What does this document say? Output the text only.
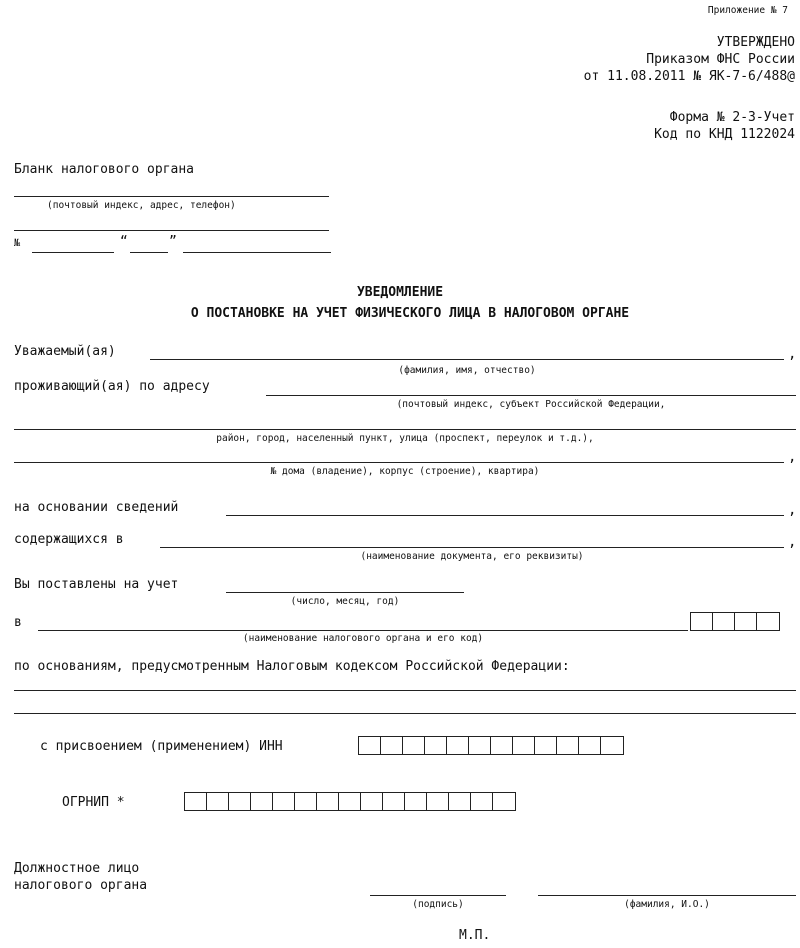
Приложение № 7
УТВЕРЖДЕНО
Приказом ФНС России
от 11.08.2011 № ЯК-7-6/488@
Форма № 2-3-Учет
Код по КНД 1122024
Бланк налогового органа
(почтовый индекс, адрес, телефон)
№	“	”
УВЕДОМЛЕНИЕ
О ПОСТАНОВКЕ НА УЧЕТ ФИЗИЧЕСКОГО ЛИЦА В НАЛОГОВОМ ОРГАНЕ
Уважаемый(ая)	,
(фамилия, имя, отчество)
проживающий(ая) по адресу
(почтовый индекс, субъект Российской Федерации,
район, город, населенный пункт, улица (проспект, переулок и т.д.),
,
№ дома (владение), корпус (строение), квартира)
на основании сведений	,
содержащихся в	,
(наименование документа, его реквизиты)
Вы поставлены на учет
(число, месяц, год)
в
(наименование налогового органа и его код)
по основаниям, предусмотренным Налоговым кодексом Российской Федерации:
с присвоением (применением) ИНН
ОГРНИП *
Должностное лицо
налогового органа
(подпись)	(фамилия, И.О.)
М.П.
